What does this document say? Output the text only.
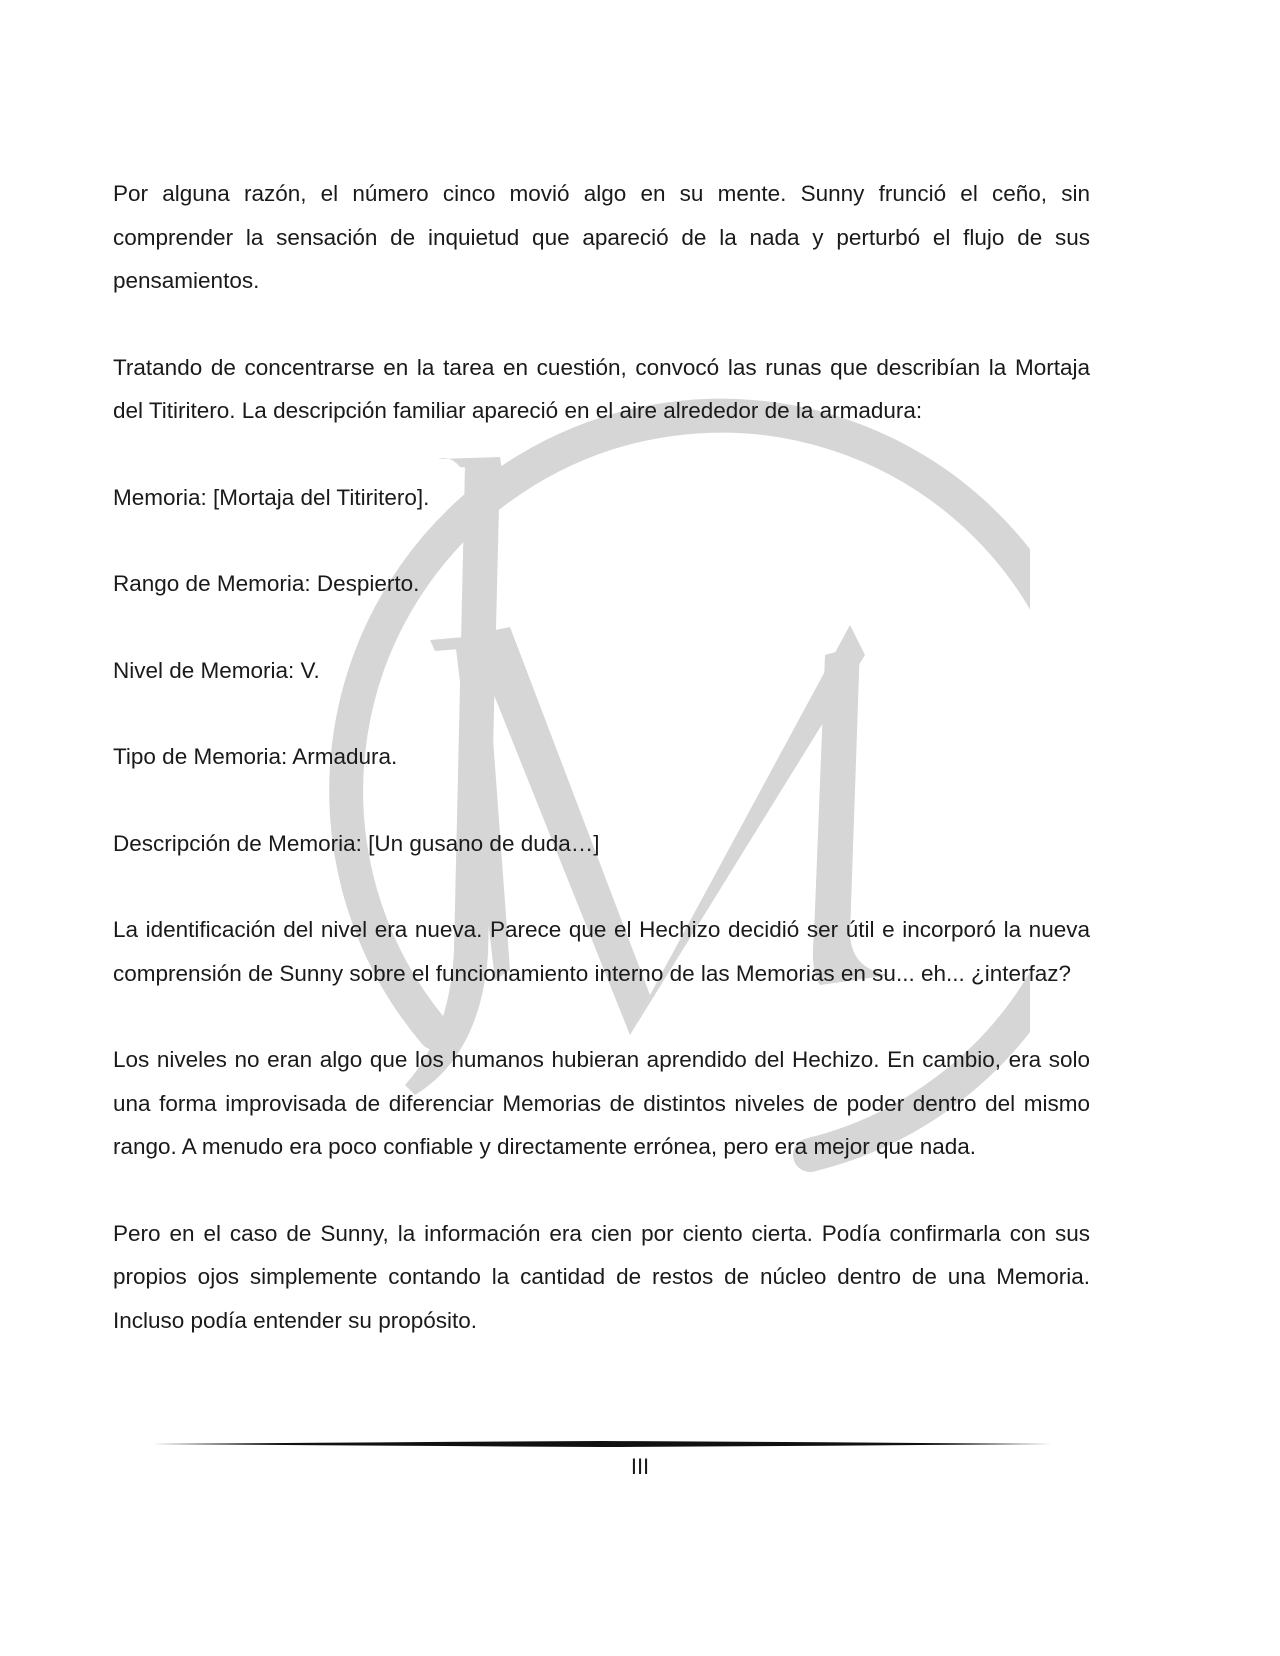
Por alguna razón, el número cinco movió algo en su mente. Sunny frunció el ceño, sin comprender la sensación de inquietud que apareció de la nada y perturbó el flujo de sus pensamientos.

Tratando de concentrarse en la tarea en cuestión, convocó las runas que describían la Mortaja del Titiritero. La descripción familiar apareció en el aire alrededor de la armadura:

Memoria: [Mortaja del Titiritero].

Rango de Memoria: Despierto.

Nivel de Memoria: V.

Tipo de Memoria: Armadura.

Descripción de Memoria: [Un gusano de duda…]

La identificación del nivel era nueva. Parece que el Hechizo decidió ser útil e incorporó la nueva comprensión de Sunny sobre el funcionamiento interno de las Memorias en su... eh... ¿interfaz?

Los niveles no eran algo que los humanos hubieran aprendido del Hechizo. En cambio, era solo una forma improvisada de diferenciar Memorias de distintos niveles de poder dentro del mismo rango. A menudo era poco confiable y directamente errónea, pero era mejor que nada.

Pero en el caso de Sunny, la información era cien por ciento cierta. Podía confirmarla con sus propios ojos simplemente contando la cantidad de restos de núcleo dentro de una Memoria. Incluso podía entender su propósito.

III
